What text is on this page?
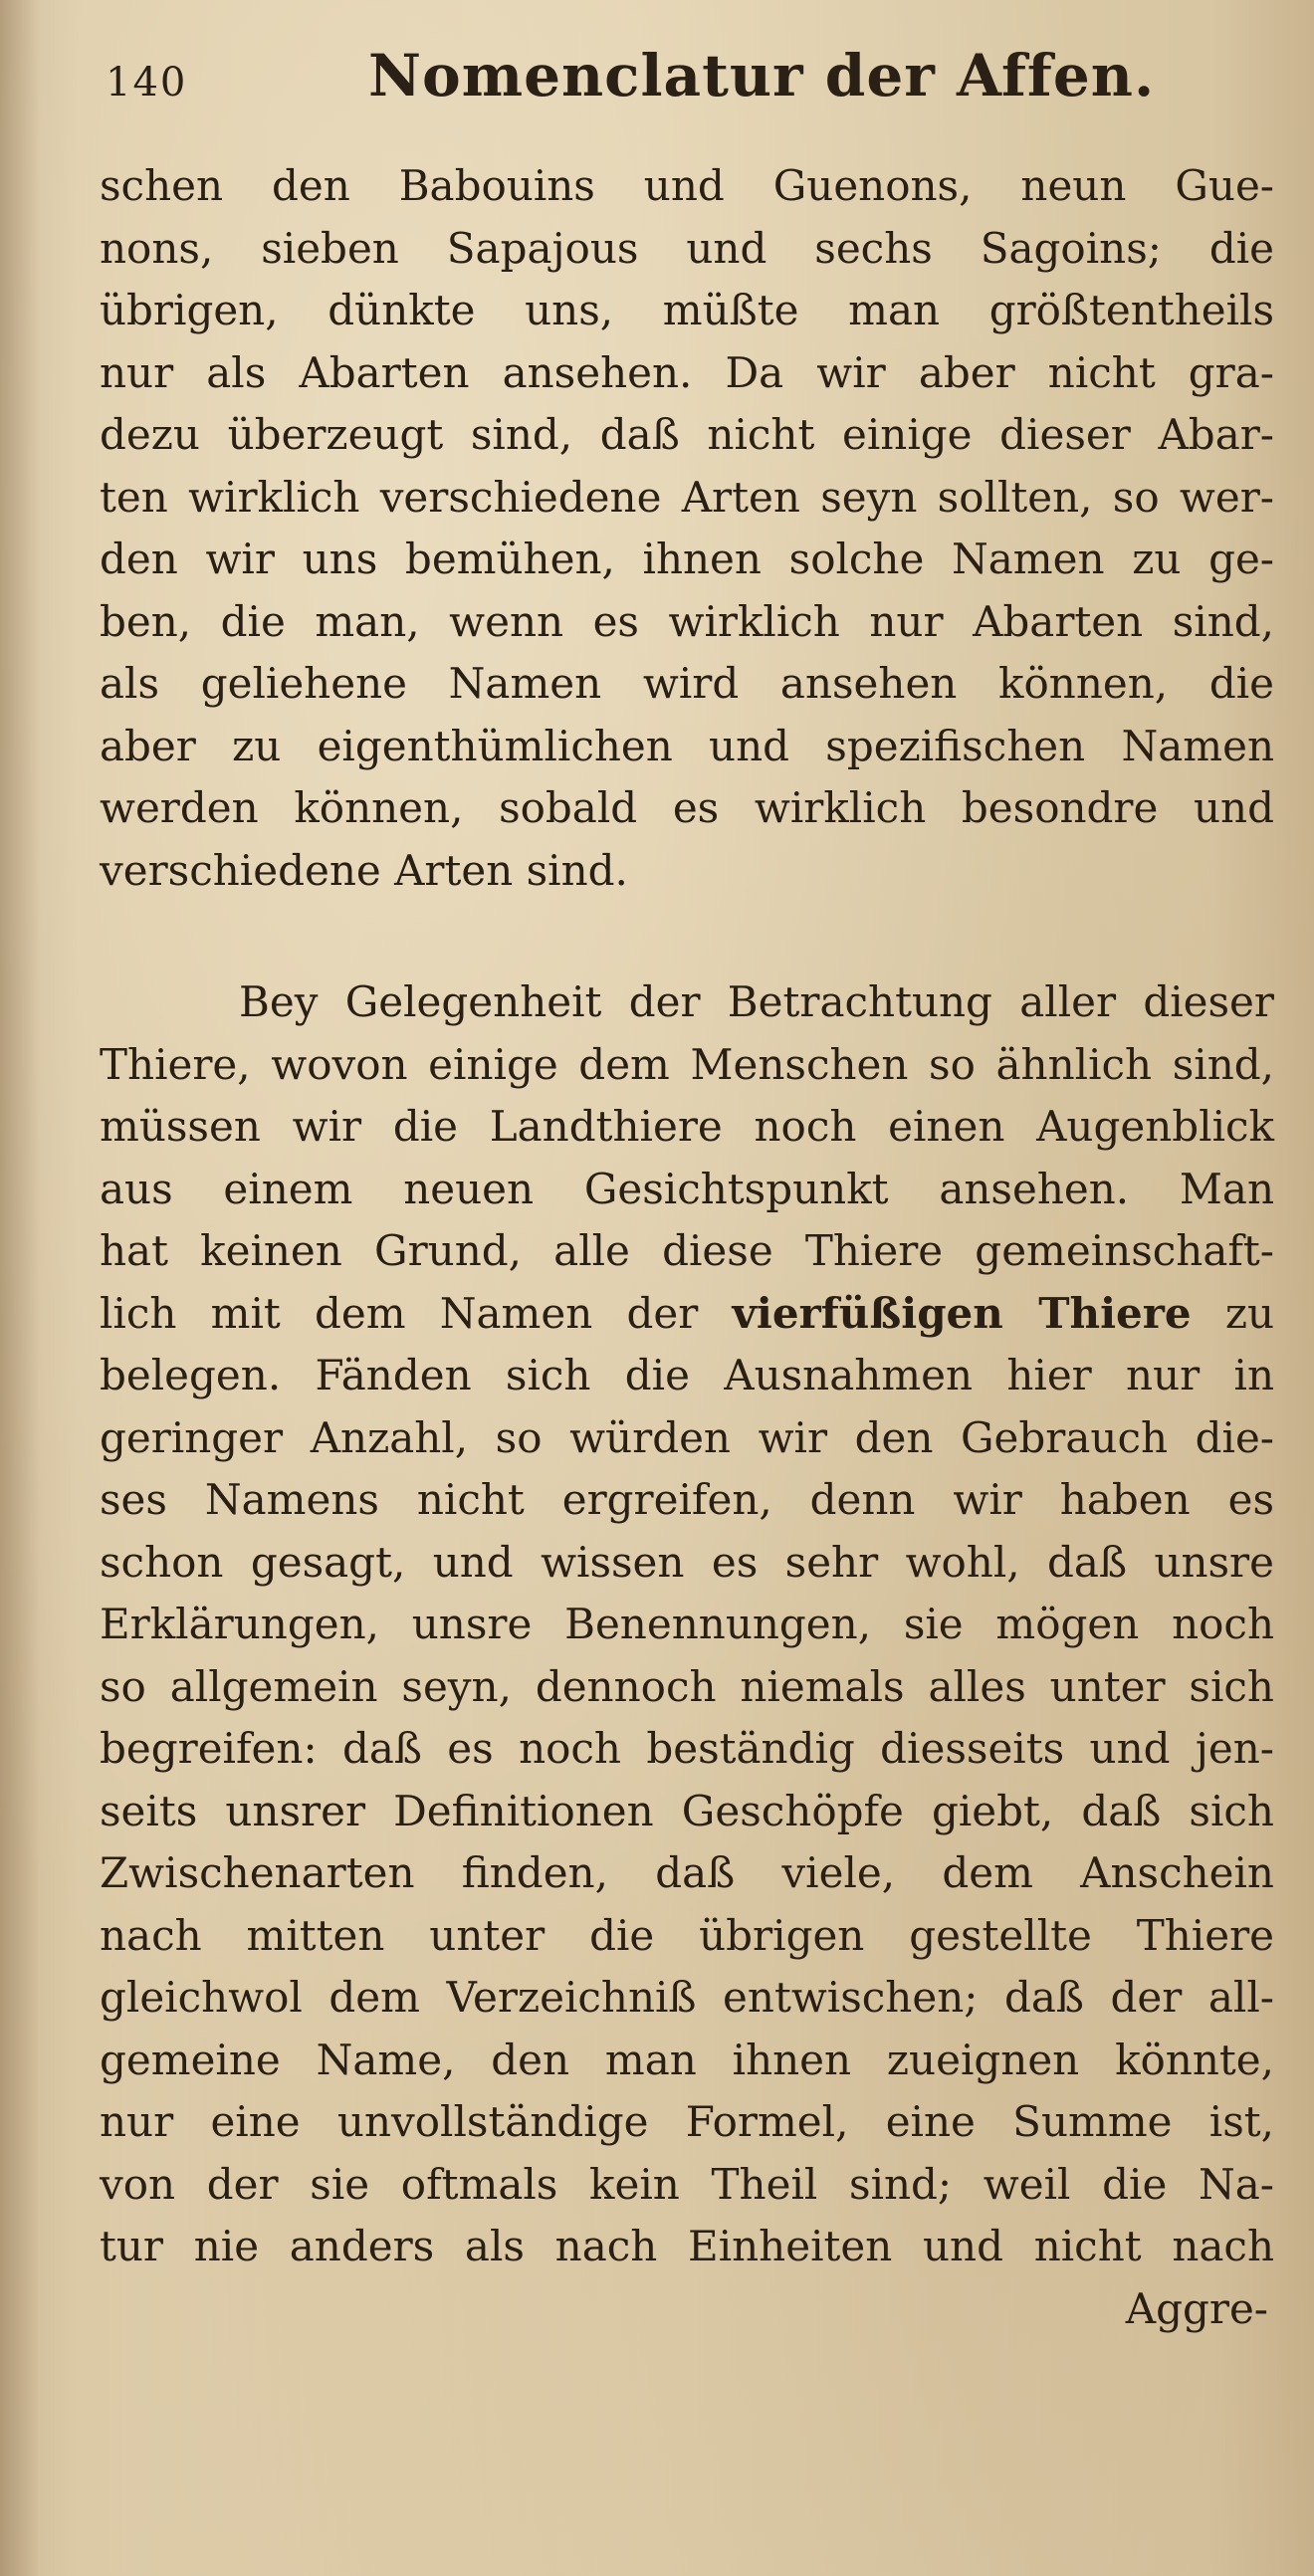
140	Nomenclatur der Affen.
schen den Babouins und Guenons, neun Gue-
nons, sieben Sapajous und sechs Sagoins; die
übrigen, dünkte uns, müßte man größtentheils
nur als Abarten ansehen. Da wir aber nicht gra-
dezu überzeugt sind, daß nicht einige dieser Abar-
ten wirklich verschiedene Arten seyn sollten, so wer-
den wir uns bemühen, ihnen solche Namen zu ge-
ben, die man, wenn es wirklich nur Abarten sind,
als geliehene Namen wird ansehen können, die
aber zu eigenthümlichen und spezifischen Namen
werden können, sobald es wirklich besondre und
verschiedene Arten sind.
Bey Gelegenheit der Betrachtung aller dieser
Thiere, wovon einige dem Menschen so ähnlich sind,
müssen wir die Landthiere noch einen Augenblick
aus einem neuen Gesichtspunkt ansehen. Man
hat keinen Grund, alle diese Thiere gemeinschaft-
lich mit dem Namen der vierfüßigen Thiere zu
belegen. Fänden sich die Ausnahmen hier nur in
geringer Anzahl, so würden wir den Gebrauch die-
ses Namens nicht ergreifen, denn wir haben es
schon gesagt, und wissen es sehr wohl, daß unsre
Erklärungen, unsre Benennungen, sie mögen noch
so allgemein seyn, dennoch niemals alles unter sich
begreifen: daß es noch beständig diesseits und jen-
seits unsrer Definitionen Geschöpfe giebt, daß sich
Zwischenarten finden, daß viele, dem Anschein
nach mitten unter die übrigen gestellte Thiere
gleichwol dem Verzeichniß entwischen; daß der all-
gemeine Name, den man ihnen zueignen könnte,
nur eine unvollständige Formel, eine Summe ist,
von der sie oftmals kein Theil sind; weil die Na-
tur nie anders als nach Einheiten und nicht nach
Aggre-
